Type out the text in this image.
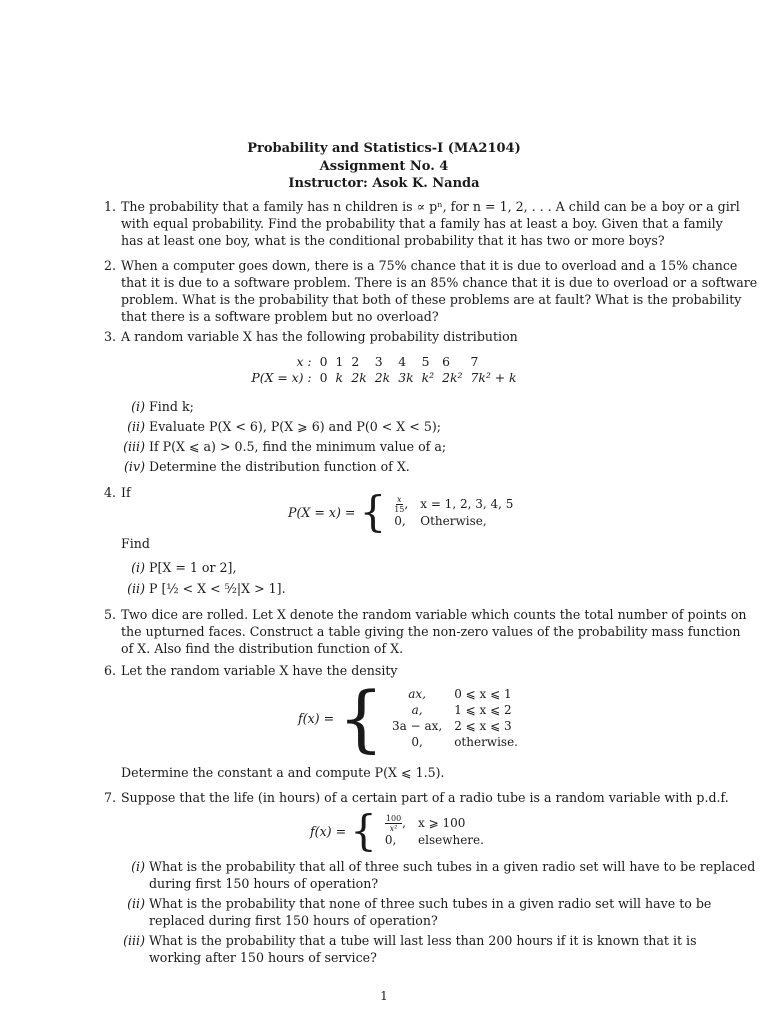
Probability and Statistics-I (MA2104)
Assignment No. 4
Instructor: Asok K. Nanda
1. The probability that a family has n children is ∝ pⁿ, for n = 1, 2, . . . A child can be a boy or a girl
with equal probability. Find the probability that a family has at least a boy. Given that a family
has at least one boy, what is the conditional probability that it has two or more boys?
2. When a computer goes down, there is a 75% chance that it is due to overload and a 15% chance
that it is due to a software problem. There is an 85% chance that it is due to overload or a software
problem. What is the probability that both of these problems are at fault? What is the probability
that there is a software problem but no overload?
3. A random variable X has the following probability distribution
x :	0	1	2	3	4	5	6	7
P(X = x) :	0	k	2k	2k	3k	k²	2k²	7k² + k
(i) Find k;
(ii) Evaluate P(X < 6), P(X ⩾ 6) and P(0 < X < 5);
(iii) If P(X ⩽ a) > 0.5, find the minimum value of a;
(iv) Determine the distribution function of X.
4. If
P(X = x) = { $\frac{x}{15}$ ,	x = 1, 2, 3, 4, 5
0,	Otherwise,
Find
(i) P[X = 1 or 2],
(ii) P [½ < X < ⁵⁄₂|X > 1].
5. Two dice are rolled. Let X denote the random variable which counts the total number of points on
the upturned faces. Construct a table giving the non-zero values of the probability mass function
of X. Also find the distribution function of X.
6. Let the random variable X have the density
f(x) = { ax,	0 ⩽ x ⩽ 1
a,	1 ⩽ x ⩽ 2
3a − ax,	2 ⩽ x ⩽ 3
0,	otherwise.
Determine the constant a and compute P(X ⩽ 1.5).
7. Suppose that the life (in hours) of a certain part of a radio tube is a random variable with p.d.f.
f(x) = { $\frac{100}{\text{x²}}$ ,	x ⩾ 100
0,	elsewhere.
(i) What is the probability that all of three such tubes in a given radio set will have to be replaced
during first 150 hours of operation?
(ii) What is the probability that none of three such tubes in a given radio set will have to be
replaced during first 150 hours of operation?
(iii) What is the probability that a tube will last less than 200 hours if it is known that it is
working after 150 hours of service?
1
